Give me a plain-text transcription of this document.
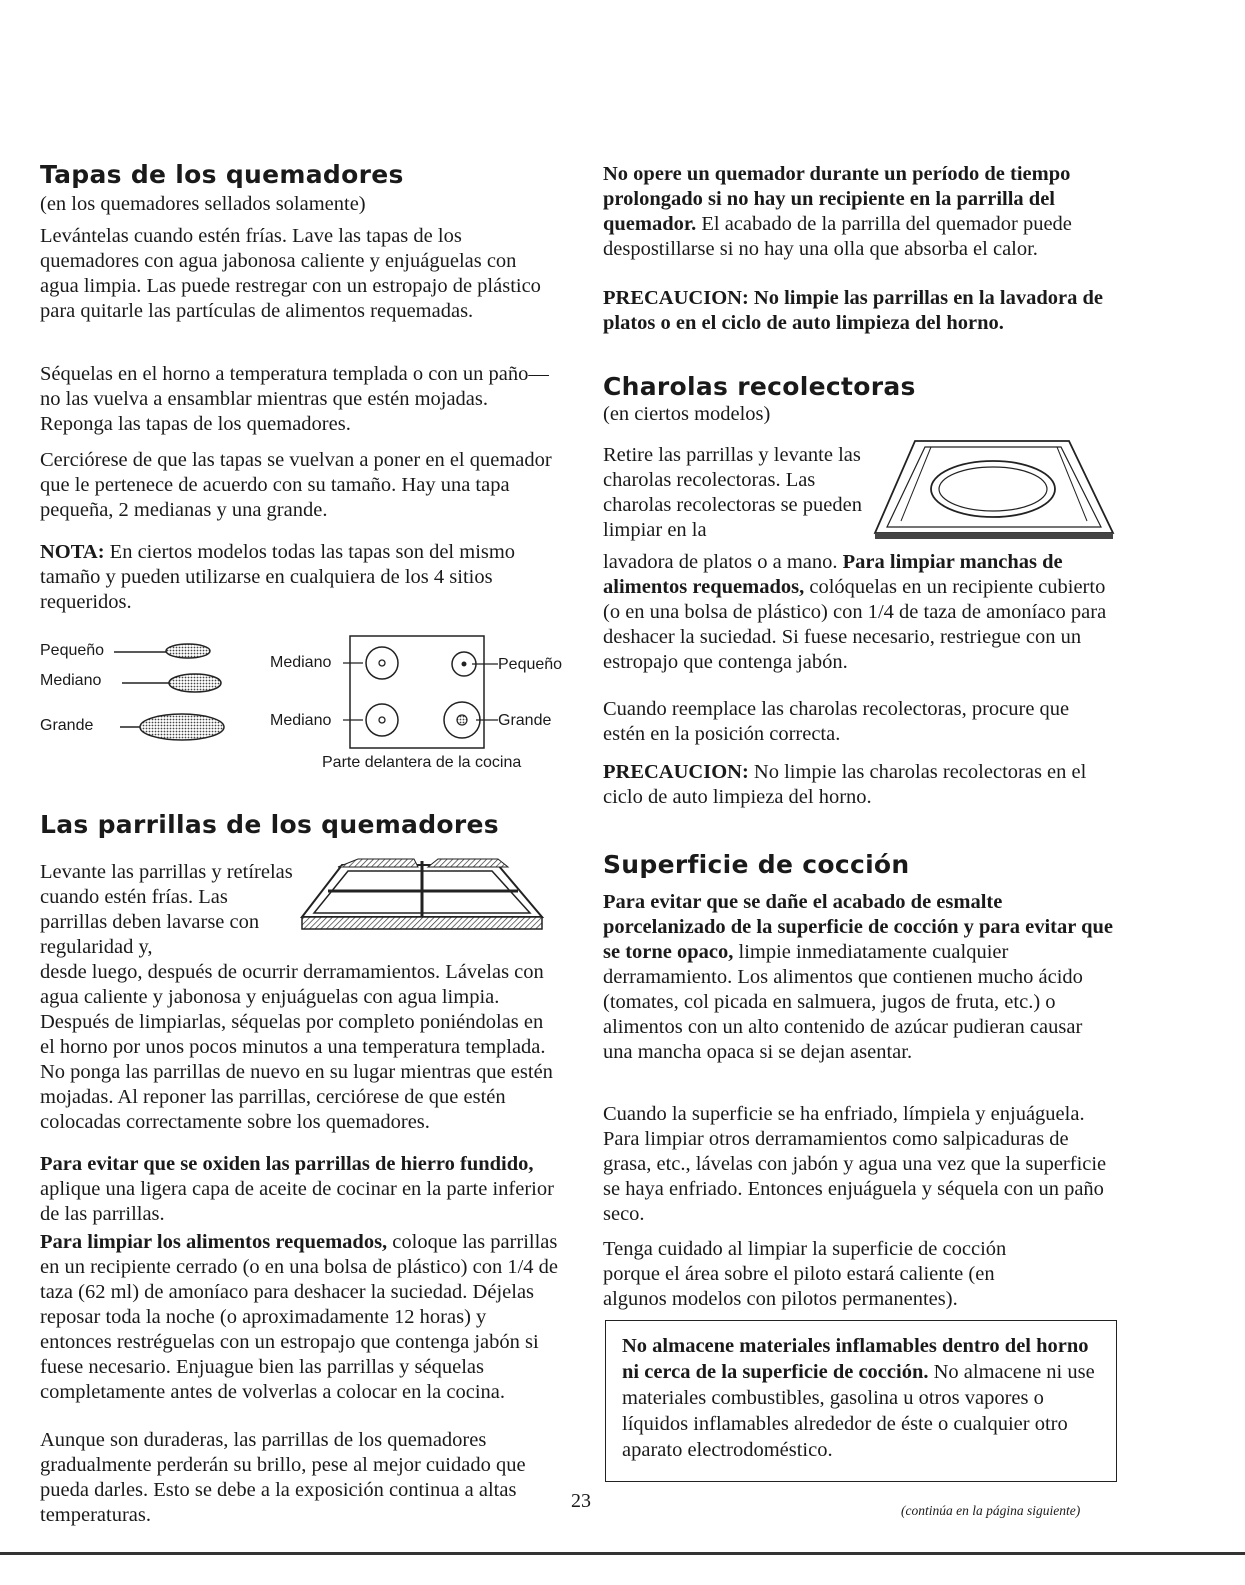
Tapas de los quemadores

(en los quemadores sellados solamente)

Levántelas cuando estén frías. Lave las tapas de los quemadores con agua jabonosa caliente y enjuáguelas con agua limpia. Las puede restregar con un estropajo de plástico para quitarle las partículas de alimentos requemadas.

Séquelas en el horno a temperatura templada o con un paño—no las vuelva a ensamblar mientras que estén mojadas. Reponga las tapas de los quemadores.

Cerciórese de que las tapas se vuelvan a poner en el quemador que le pertenece de acuerdo con su tamaño. Hay una tapa pequeña, 2 medianas y una grande.

NOTA: En ciertos modelos todas las tapas son del mismo tamaño y pueden utilizarse en cualquiera de los 4 sitios requeridos.

Pequeño
Mediano
Grande
Mediano
Mediano
Pequeño
Grande
Parte delantera de la cocina
Las parrillas de los quemadores

Levante las parrillas y retírelas cuando estén frías. Las parrillas deben lavarse con regularidad y,

desde luego, después de ocurrir derramamientos. Lávelas con agua caliente y jabonosa y enjuáguelas con agua limpia. Después de limpiarlas, séquelas por completo poniéndolas en el horno por unos pocos minutos a una temperatura templada. No ponga las parrillas de nuevo en su lugar mientras que estén mojadas. Al reponer las parrillas, cerciórese de que estén colocadas correctamente sobre los quemadores.

Para evitar que se oxiden las parrillas de hierro fundido, aplique una ligera capa de aceite de cocinar en la parte inferior de las parrillas.

Para limpiar los alimentos requemados, coloque las parrillas en un recipiente cerrado (o en una bolsa de plástico) con 1/4 de taza (62 ml) de amoníaco para deshacer la suciedad. Déjelas reposar toda la noche (o aproximadamente 12 horas) y entonces restréguelas con un estropajo que contenga jabón si fuese necesario. Enjuague bien las parrillas y séquelas completamente antes de volverlas a colocar en la cocina.

Aunque son duraderas, las parrillas de los quemadores gradualmente perderán su brillo, pese al mejor cuidado que pueda darles. Esto se debe a la exposición continua a altas temperaturas.

23

No opere un quemador durante un período de tiempo prolongado si no hay un recipiente en la parrilla del quemador. El acabado de la parrilla del quemador puede despostillarse si no hay una olla que absorba el calor.

PRECAUCION: No limpie las parrillas en la lavadora de platos o en el ciclo de auto limpieza del horno.

Charolas recolectoras

(en ciertos modelos)

Retire las parrillas y levante las charolas recolectoras. Las charolas recolectoras se pueden limpiar en la

lavadora de platos o a mano. Para limpiar manchas de alimentos requemados, colóquelas en un recipiente cubierto (o en una bolsa de plástico) con 1/4 de taza de amoníaco para deshacer la suciedad. Si fuese necesario, restriegue con un estropajo que contenga jabón.

Cuando reemplace las charolas recolectoras, procure que estén en la posición correcta.

PRECAUCION: No limpie las charolas recolectoras en el ciclo de auto limpieza del horno.

Superficie de cocción

Para evitar que se dañe el acabado de esmalte porcelanizado de la superficie de cocción y para evitar que se torne opaco, limpie inmediatamente cualquier derramamiento. Los alimentos que contienen mucho ácido (tomates, col picada en salmuera, jugos de fruta, etc.) o alimentos con un alto contenido de azúcar pudieran causar una mancha opaca si se dejan asentar.

Cuando la superficie se ha enfriado, límpiela y enjuáguela. Para limpiar otros derramamientos como salpicaduras de grasa, etc., lávelas con jabón y agua una vez que la superficie se haya enfriado. Entonces enjuáguela y séquela con un paño seco.

Tenga cuidado al limpiar la superficie de cocción porque el área sobre el piloto estará caliente (en algunos modelos con pilotos permanentes).

No almacene materiales inflamables dentro del horno ni cerca de la superficie de cocción. No almacene ni use materiales combustibles, gasolina u otros vapores o líquidos inflamables alrededor de éste o cualquier otro aparato electrodoméstico.

(continúa en la página siguiente)
